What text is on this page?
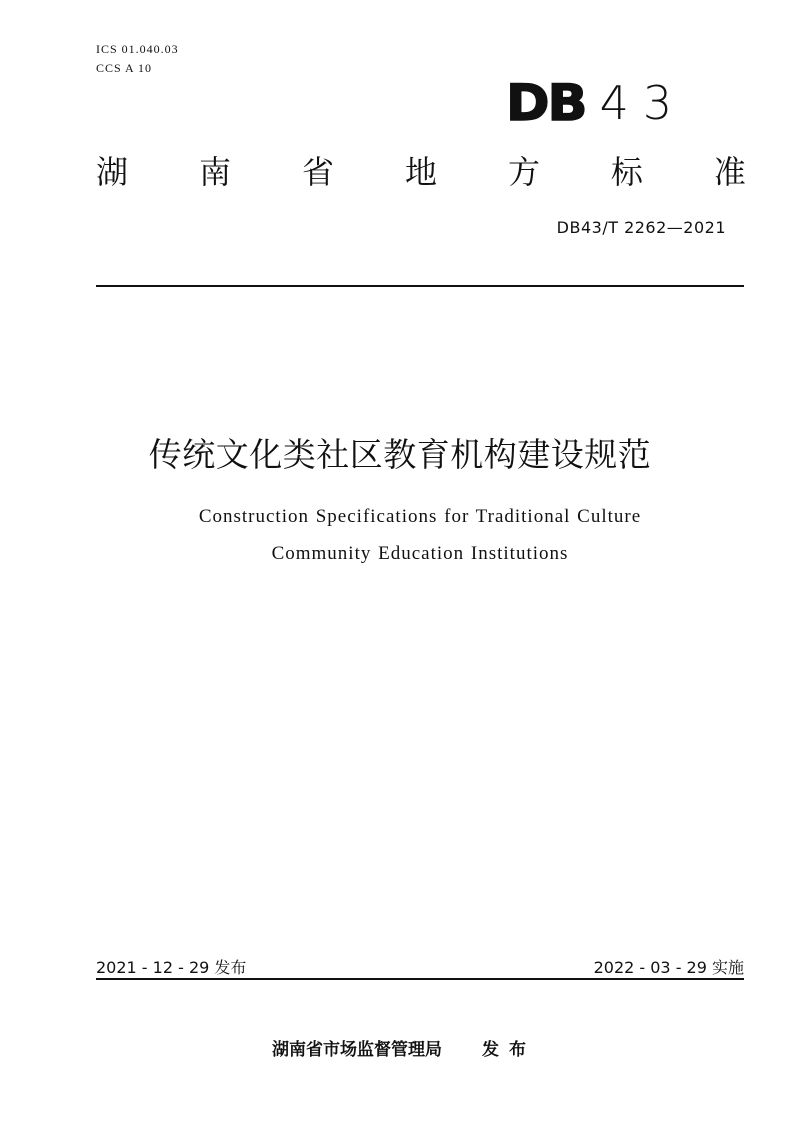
ICS 01.040.03
CCS A 10
DB 43
湖 南 省 地 方 标 准
DB43/T 2262—2021
传统文化类社区教育机构建设规范
Construction Specifications for Traditional Culture
Community Education Institutions
2021 - 12 - 29 发布	2022 - 03 - 29 实施
湖南省市场监督管理局 发布
